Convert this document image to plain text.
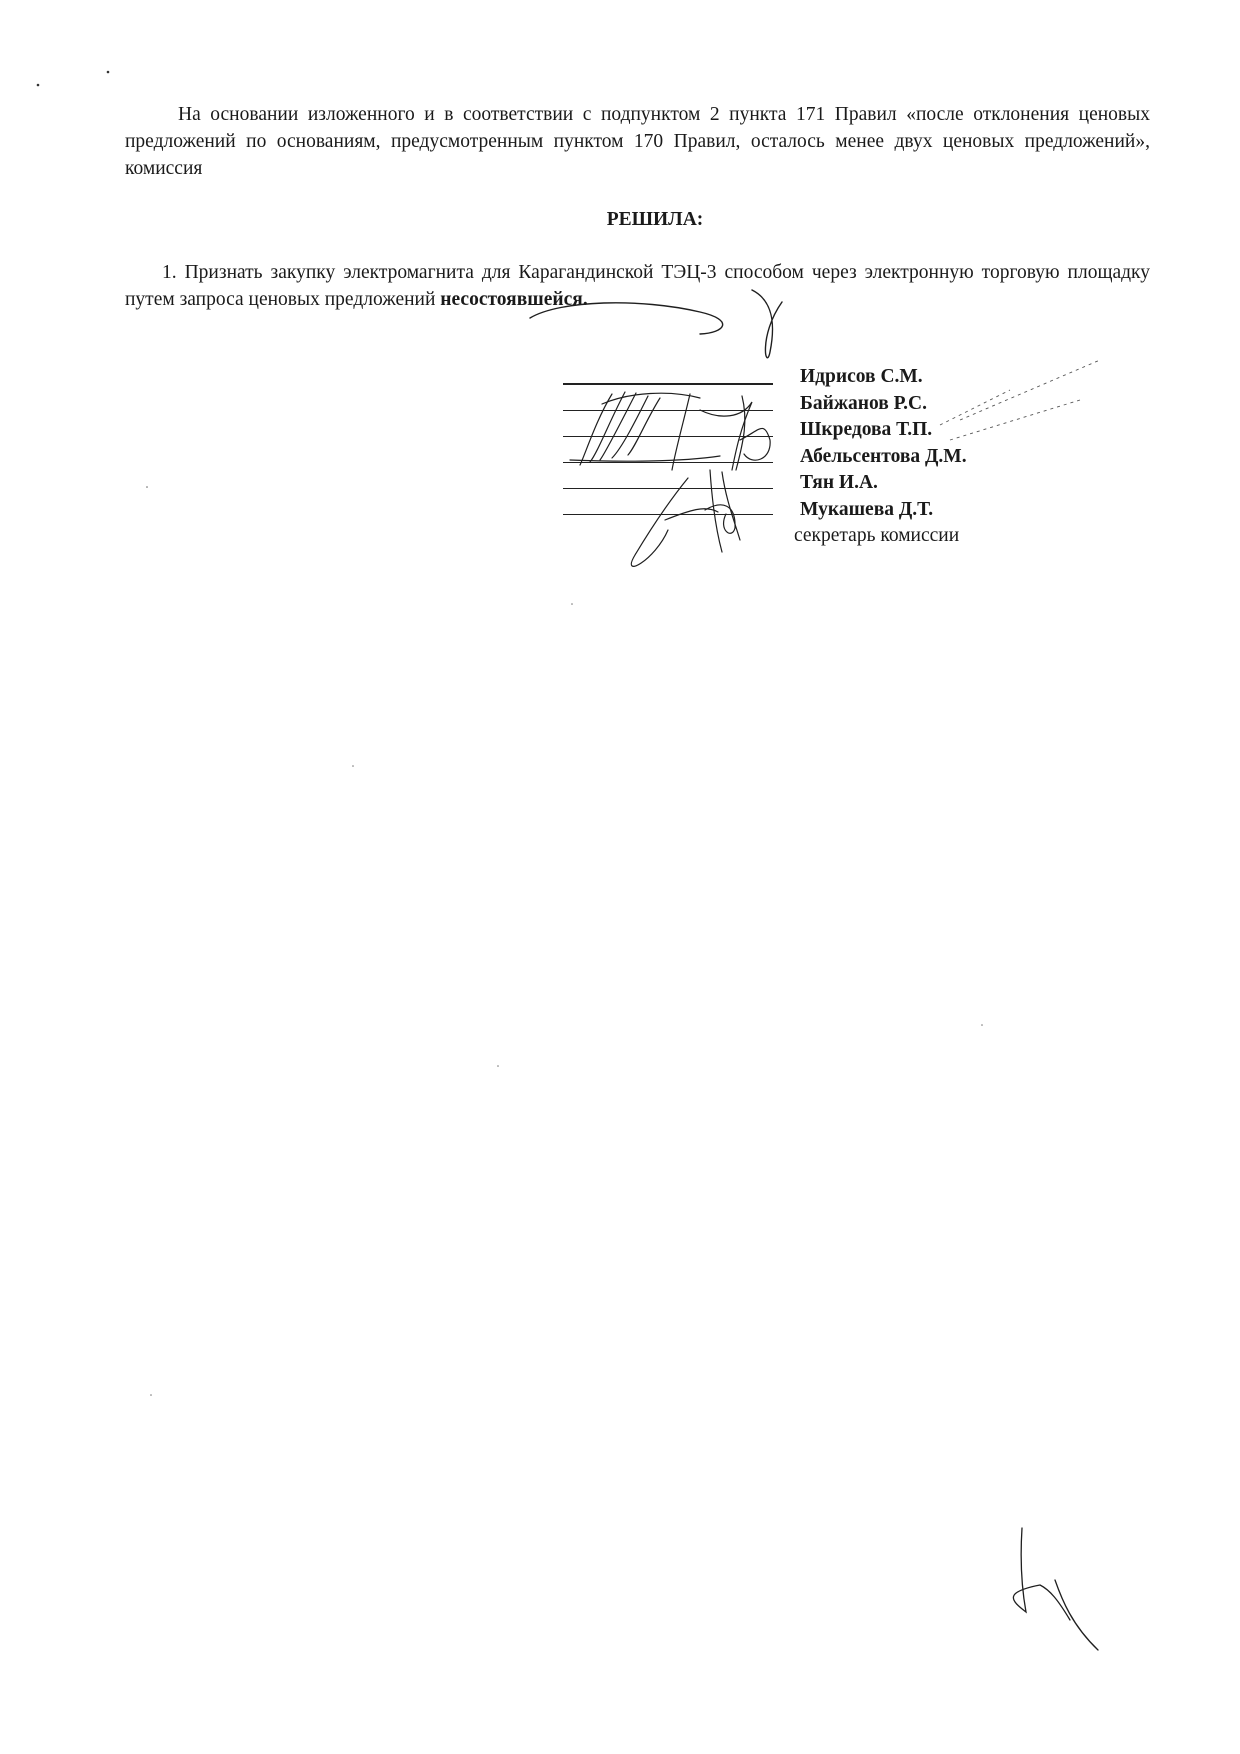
На основании изложенного и в соответствии с подпунктом 2 пункта 171 Правил «после отклонения ценовых предложений по основаниям, предусмотренным пунктом 170 Правил, осталось менее двух ценовых предложений», комиссия

РЕШИЛА:

1. Признать закупку электромагнита для Карагандинской ТЭЦ-3 способом через электронную торговую площадку путем запроса ценовых предложений несостоявшейся.

Идрисов С.М.
Байжанов Р.С.
Шкредова Т.П.
Абельсентова Д.М.
Тян И.А.
Мукашева Д.Т.
секретарь комиссии
